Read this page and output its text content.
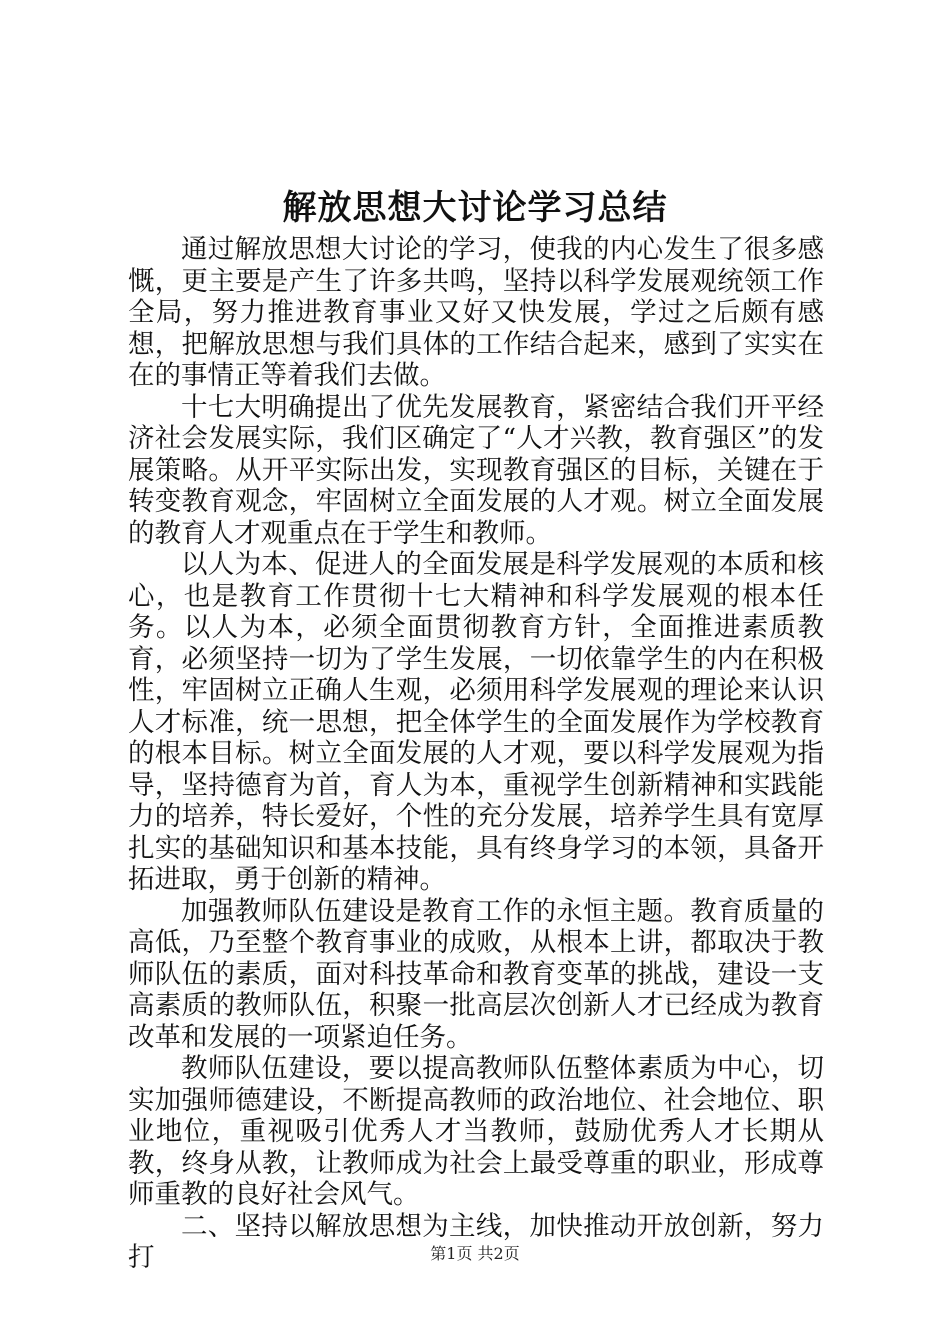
解放思想大讨论学习总结

通过解放思想大讨论的学习，使我的内心发生了很多感慨，更主要是产生了许多共鸣，坚持以科学发展观统领工作全局，努力推进教育事业又好又快发展，学过之后颇有感想，把解放思想与我们具体的工作结合起来，感到了实实在在的事情正等着我们去做。

十七大明确提出了优先发展教育，紧密结合我们开平经济社会发展实际，我们区确定了“人才兴教，教育强区”的发展策略。从开平实际出发，实现教育强区的目标，关键在于转变教育观念，牢固树立全面发展的人才观。树立全面发展的教育人才观重点在于学生和教师。

以人为本、促进人的全面发展是科学发展观的本质和核心，也是教育工作贯彻十七大精神和科学发展观的根本任务。以人为本，必须全面贯彻教育方针，全面推进素质教育，必须坚持一切为了学生发展，一切依靠学生的内在积极性，牢固树立正确人生观，必须用科学发展观的理论来认识人才标准，统一思想，把全体学生的全面发展作为学校教育的根本目标。树立全面发展的人才观，要以科学发展观为指导，坚持德育为首，育人为本，重视学生创新精神和实践能力的培养，特长爱好，个性的充分发展，培养学生具有宽厚扎实的基础知识和基本技能，具有终身学习的本领，具备开拓进取，勇于创新的精神。

加强教师队伍建设是教育工作的永恒主题。教育质量的高低，乃至整个教育事业的成败，从根本上讲，都取决于教师队伍的素质，面对科技革命和教育变革的挑战，建设一支高素质的教师队伍，积聚一批高层次创新人才已经成为教育改革和发展的一项紧迫任务。

教师队伍建设，要以提高教师队伍整体素质为中心，切实加强师德建设，不断提高教师的政治地位、社会地位、职业地位，重视吸引优秀人才当教师，鼓励优秀人才长期从教，终身从教，让教师成为社会上最受尊重的职业，形成尊师重教的良好社会风气。

二、坚持以解放思想为主线，加快推动开放创新，努力打	第1页 共2页
